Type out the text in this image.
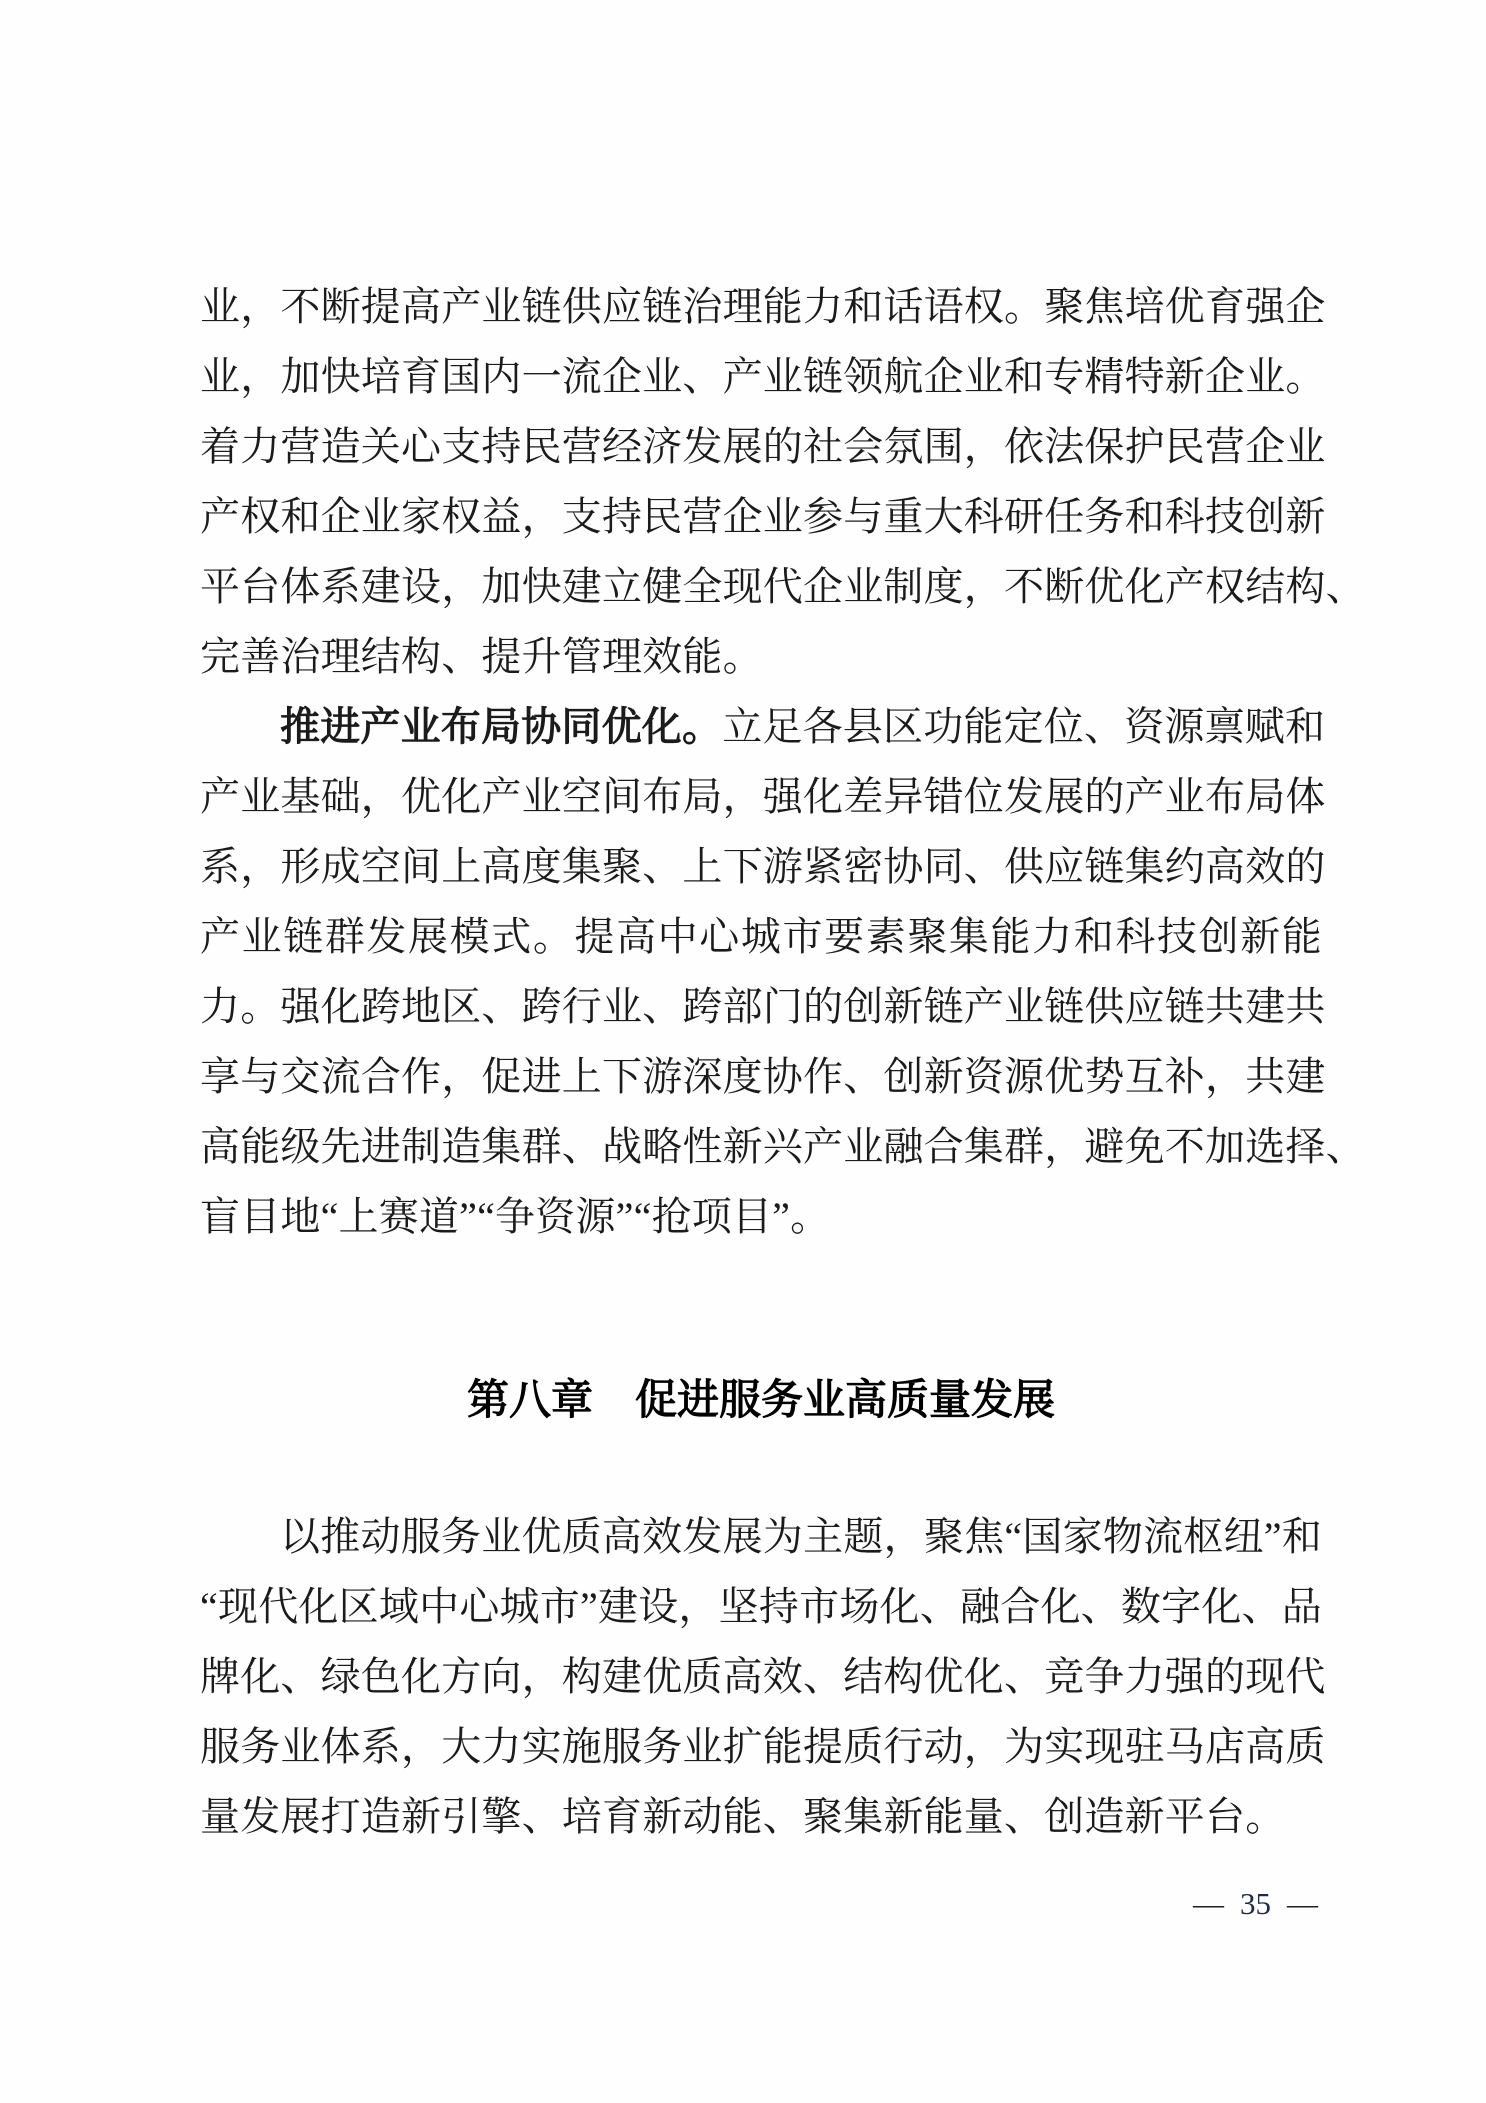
业，不断提高产业链供应链治理能力和话语权。聚焦培优育强企
业，加快培育国内一流企业、产业链领航企业和专精特新企业。
着力营造关心支持民营经济发展的社会氛围，依法保护民营企业
产权和企业家权益，支持民营企业参与重大科研任务和科技创新
平台体系建设，加快建立健全现代企业制度，不断优化产权结构、
完善治理结构、提升管理效能。
推进产业布局协同优化。立足各县区功能定位、资源禀赋和
产业基础，优化产业空间布局，强化差异错位发展的产业布局体
系，形成空间上高度集聚、上下游紧密协同、供应链集约高效的
产业链群发展模式。提高中心城市要素聚集能力和科技创新能
力。强化跨地区、跨行业、跨部门的创新链产业链供应链共建共
享与交流合作，促进上下游深度协作、创新资源优势互补，共建
高能级先进制造集群、战略性新兴产业融合集群，避免不加选择、
盲目地“上赛道”“争资源”“抢项目”。
第八章　促进服务业高质量发展
以推动服务业优质高效发展为主题，聚焦“国家物流枢纽”和
“现代化区域中心城市”建设，坚持市场化、融合化、数字化、品
牌化、绿色化方向，构建优质高效、结构优化、竞争力强的现代
服务业体系，大力实施服务业扩能提质行动，为实现驻马店高质
量发展打造新引擎、培育新动能、聚集新能量、创造新平台。
— 35 —
